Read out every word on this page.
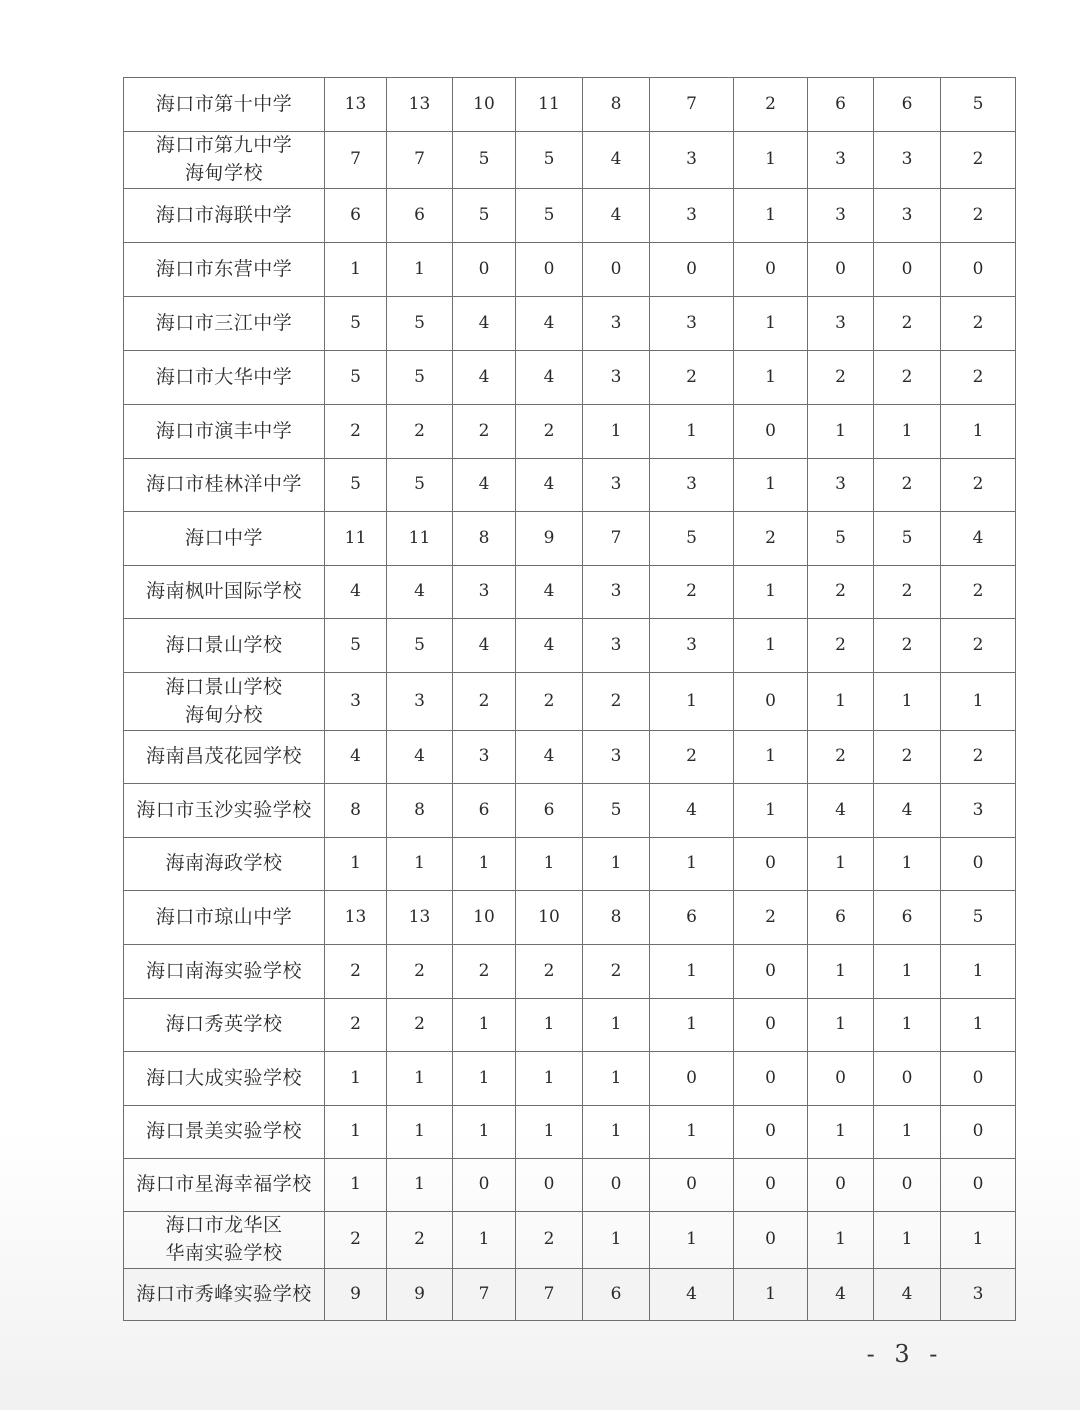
海口市第十中学	13	13	10	11	8	7	2	6	6	5

海口市第九中学
海甸学校	7	7	5	5	4	3	1	3	3	2

海口市海联中学	6	6	5	5	4	3	1	3	3	2

海口市东营中学	1	1	0	0	0	0	0	0	0	0

海口市三江中学	5	5	4	4	3	3	1	3	2	2

海口市大华中学	5	5	4	4	3	2	1	2	2	2

海口市演丰中学	2	2	2	2	1	1	0	1	1	1

海口市桂林洋中学	5	5	4	4	3	3	1	3	2	2

海口中学	11	11	8	9	7	5	2	5	5	4

海南枫叶国际学校	4	4	3	4	3	2	1	2	2	2

海口景山学校	5	5	4	4	3	3	1	2	2	2

海口景山学校
海甸分校	3	3	2	2	2	1	0	1	1	1

海南昌茂花园学校	4	4	3	4	3	2	1	2	2	2

海口市玉沙实验学校	8	8	6	6	5	4	1	4	4	3

海南海政学校	1	1	1	1	1	1	0	1	1	0

海口市琼山中学	13	13	10	10	8	6	2	6	6	5

海口南海实验学校	2	2	2	2	2	1	0	1	1	1

海口秀英学校	2	2	1	1	1	1	0	1	1	1

海口大成实验学校	1	1	1	1	1	0	0	0	0	0

海口景美实验学校	1	1	1	1	1	1	0	1	1	0

海口市星海幸福学校	1	1	0	0	0	0	0	0	0	0

海口市龙华区
华南实验学校	2	2	1	2	1	1	0	1	1	1

海口市秀峰实验学校	9	9	7	7	6	4	1	4	4	3
- 3 -
